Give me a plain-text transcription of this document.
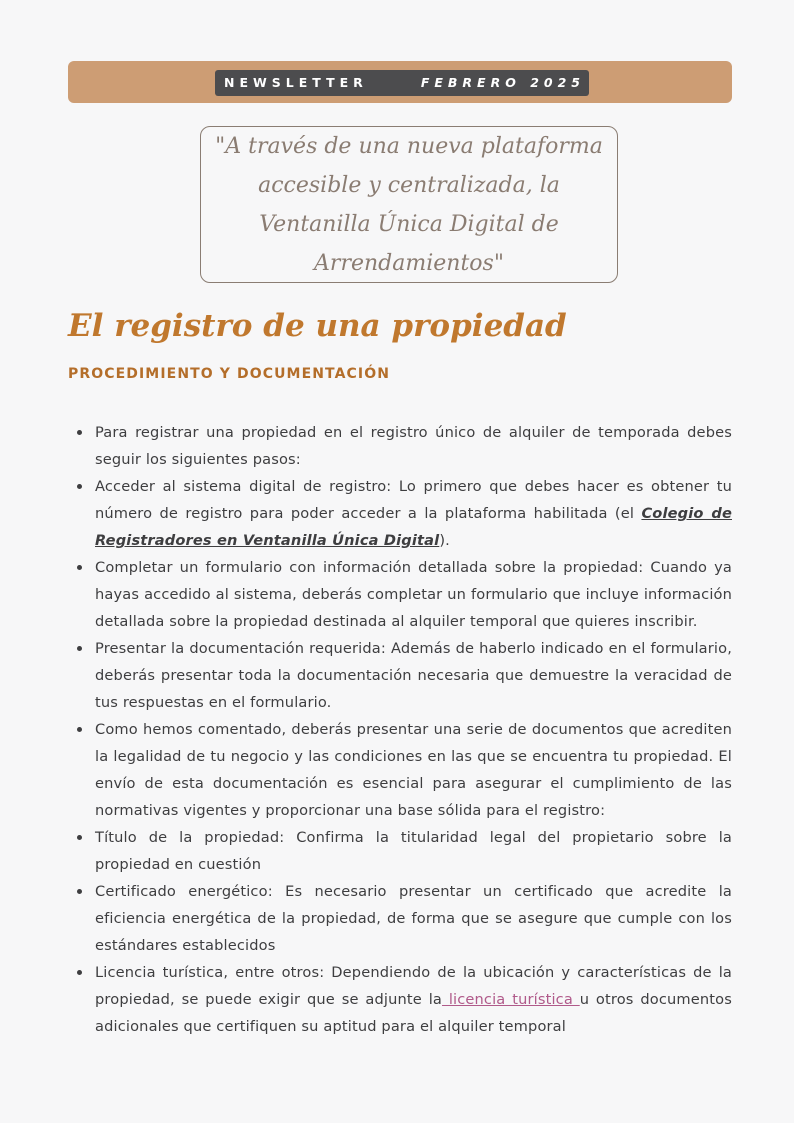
NEWSLETTER	FEBRERO 2025
"A través de una nueva plataforma accesible y centralizada, la Ventanilla Única Digital de Arrendamientos"
El registro de una propiedad
PROCEDIMIENTO Y DOCUMENTACIÓN
Para registrar una propiedad en el registro único de alquiler de temporada debes seguir los siguientes pasos:
Acceder al sistema digital de registro: Lo primero que debes hacer es obtener tu número de registro para poder acceder a la plataforma habilitada (el Colegio de Registradores en Ventanilla Única Digital).
Completar un formulario con información detallada sobre la propiedad: Cuando ya hayas accedido al sistema, deberás completar un formulario que incluye información detallada sobre la propiedad destinada al alquiler temporal que quieres inscribir.
Presentar la documentación requerida: Además de haberlo indicado en el formulario, deberás presentar toda la documentación necesaria que demuestre la veracidad de tus respuestas en el formulario.
Como hemos comentado, deberás presentar una serie de documentos que acrediten la legalidad de tu negocio y las condiciones en las que se encuentra tu propiedad. El envío de esta documentación es esencial para asegurar el cumplimiento de las normativas vigentes y proporcionar una base sólida para el registro:
Título de la propiedad: Confirma la titularidad legal del propietario sobre la propiedad en cuestión
Certificado energético: Es necesario presentar un certificado que acredite la eficiencia energética de la propiedad, de forma que se asegure que cumple con los estándares establecidos
Licencia turística, entre otros: Dependiendo de la ubicación y características de la propiedad, se puede exigir que se adjunte la licencia turística u otros documentos adicionales que certifiquen su aptitud para el alquiler temporal
